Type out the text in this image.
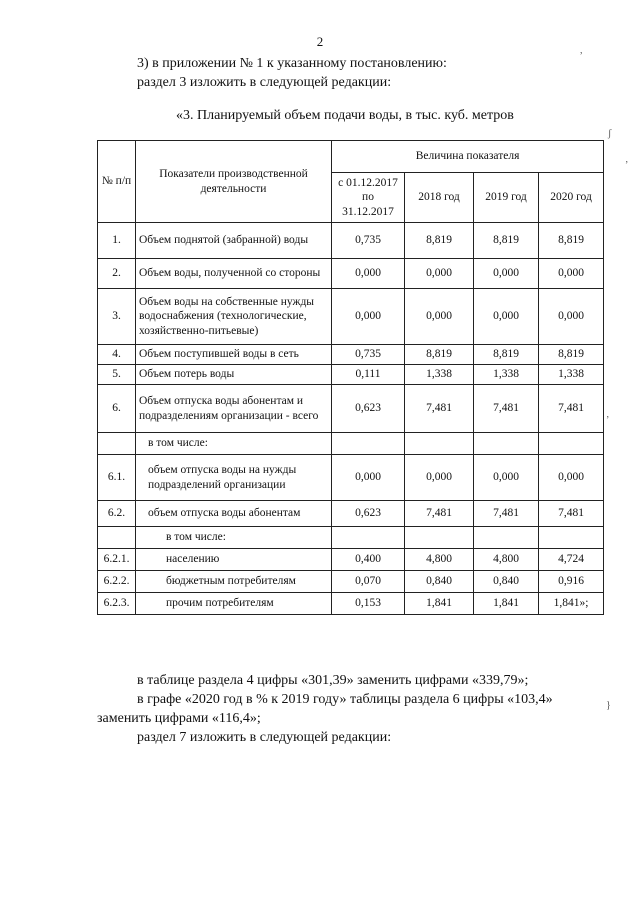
2
3) в приложении № 1 к указанному постановлению:
раздел 3 изложить в следующей редакции:
«3. Планируемый объем подачи воды, в тыс. куб. метров
№ п/п	Показатели производственной деятельности	Величина показателя			
		с 01.12.2017 по 31.12.2017	2018 год	2019 год	2020 год
1.	Объем поднятой (забранной) воды	0,735	8,819	8,819	8,819
2.	Объем воды, полученной со стороны	0,000	0,000	0,000	0,000
3.	Объем воды на собственные нужды водоснабжения (технологические, хозяйственно-питьевые)	0,000	0,000	0,000	0,000
4.	Объем поступившей воды в сеть	0,735	8,819	8,819	8,819
5.	Объем потерь воды	0,111	1,338	1,338	1,338
6.	Объем отпуска воды абонентам и подразделениям организации - всего	0,623	7,481	7,481	7,481
	в том числе:				
6.1.	объем отпуска воды на нужды подразделений организации	0,000	0,000	0,000	0,000
6.2.	объем отпуска воды абонентам	0,623	7,481	7,481	7,481
	в том числе:				
6.2.1.	населению	0,400	4,800	4,800	4,724
6.2.2.	бюджетным потребителям	0,070	0,840	0,840	0,916
6.2.3.	прочим потребителям	0,153	1,841	1,841	1,841»;
в таблице раздела 4 цифры «301,39» заменить цифрами «339,79»;
в графе «2020 год в % к 2019 году» таблицы раздела 6 цифры «103,4»
заменить цифрами «116,4»;
раздел 7 изложить в следующей редакции:
,
ʃ
ʼ
ʼ
}
